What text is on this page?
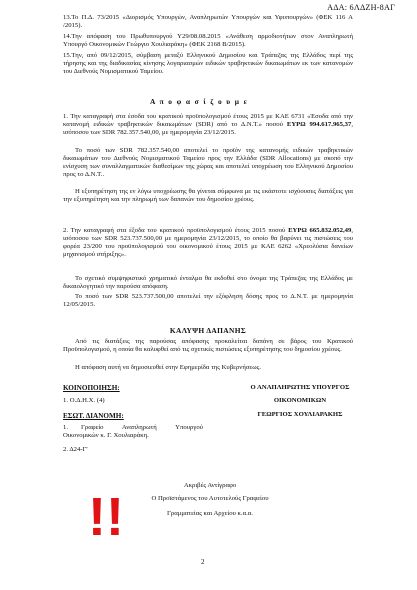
ΑΔΑ: 6ΛΔΖΗ-8ΑΓ
13.Το Π.Δ. 73/2015 «Διορισμός Υπουργών, Αναπληρωτών Υπουργών και Υφυπουργών» (ΦΕΚ 116 Α /2015).
14.Την απόφαση του Πρωθυπουργού Υ29/08.08.2015 «Ανάθεση αρμοδιοτήτων στον Αναπληρωτή Υπουργό Οικονομικών Γεώργιο Χουλιαράκη» (ΦΕΚ 2168 Β/2015).
15.Την, από 09/12/2015, σύμβαση μεταξύ Ελληνικού Δημοσίου και Τράπεζας της Ελλάδος περί της τήρησης και της διαδικασίας κίνησης λογαριασμών ειδικών τραβηκτικών δικαιωμάτων εκ των κατανομών του Διεθνούς Νομισματικού Ταμείου.
Α π ο φ α σ ί ζ ο υ μ ε
1. Την καταγραφή στα έσοδα του κρατικού προϋπολογισμού έτους 2015 με ΚΑΕ 6731 «Έσοδα από την κατανομή ειδικών τραβηκτικών δικαιωμάτων (SDR) από το Δ.Ν.Τ.» ποσού ΕΥΡΩ 994.617.965,37, ισόποσου των SDR 782.357.540,00, με ημερομηνία 23/12/2015.
Το ποσό των SDR 782.357.540,00 αποτελεί το προϊόν της κατανομής ειδικών τραβηκτικών δικαιωμάτων του Διεθνούς Νομισματικού Ταμείου προς την Ελλάδα (SDR Allocations) με σκοπό την ενίσχυση των συναλλαγματικών διαθεσίμων της χώρας και αποτελεί υποχρέωση του Ελληνικού Δημοσίου προς το Δ.Ν.Τ..
Η εξυπηρέτηση της εν λόγω υποχρέωσης θα γίνεται σύμφωνα με τις εκάστοτε ισχύουσες διατάξεις για την εξυπηρέτηση και την πληρωμή των δαπανών του δημοσίου χρέους.
2. Την καταγραφή στα έξοδα του κρατικού προϋπολογισμού έτους 2015 ποσού ΕΥΡΩ 665.832.052,49, ισόποσου των SDR 523.737.500,00 με ημερομηνία 23/12/2015, το οποίο θα βαρύνει τις πιστώσεις του φορέα 23/200 του προϋπολογισμού του οικονομικού έτους 2015 με ΚΑΕ 6262 «Χρεολύσια δανείων μηχανισμού στήριξης».
Το σχετικό συμψηφιστικό χρηματικό ένταλμα θα εκδοθεί στο όνομα της Τράπεζας της Ελλάδος με δικαιολογητικό την παρούσα απόφαση.
Το ποσό των SDR 523.737.500,00 αποτελεί την εξόφληση δόσης προς το Δ.Ν.Τ. με ημερομηνία 12/05/2015.
ΚΑΛΥΨΗ ΔΑΠΑΝΗΣ
Από τις διατάξεις της παρούσας απόφασης προκαλείται δαπάνη σε βάρος του Κρατικού Προϋπολογισμού, η οποία θα καλυφθεί από τις σχετικές πιστώσεις εξυπηρέτησης του δημοσίου χρέους.
Η απόφαση αυτή να δημοσιευθεί στην Εφημερίδα της Κυβερνήσεως.
ΚΟΙΝΟΠΟΙΗΣΗ:
1. Ο.Δ.Η.Χ. (4)
ΕΣΩΤ. ΔΙΑΝΟΜΗ:
1. Γραφείο Αναπληρωτή Υπουργού Οικονομικών κ. Γ. Χουλιαράκη.
2. Δ24-Γ'
Ο ΑΝΑΠΛΗΡΩΤΗΣ ΥΠΟΥΡΓΟΣ
ΟΙΚΟΝΟΜΙΚΩΝ
ΓΕΩΡΓΙΟΣ ΧΟΥΛΙΑΡΑΚΗΣ
Ακριβές Αντίγραφο
Ο Προϊστάμενος του Αυτοτελούς Γραφείου
Γραμματείας και Αρχείου κ.α.α.
!!
2
